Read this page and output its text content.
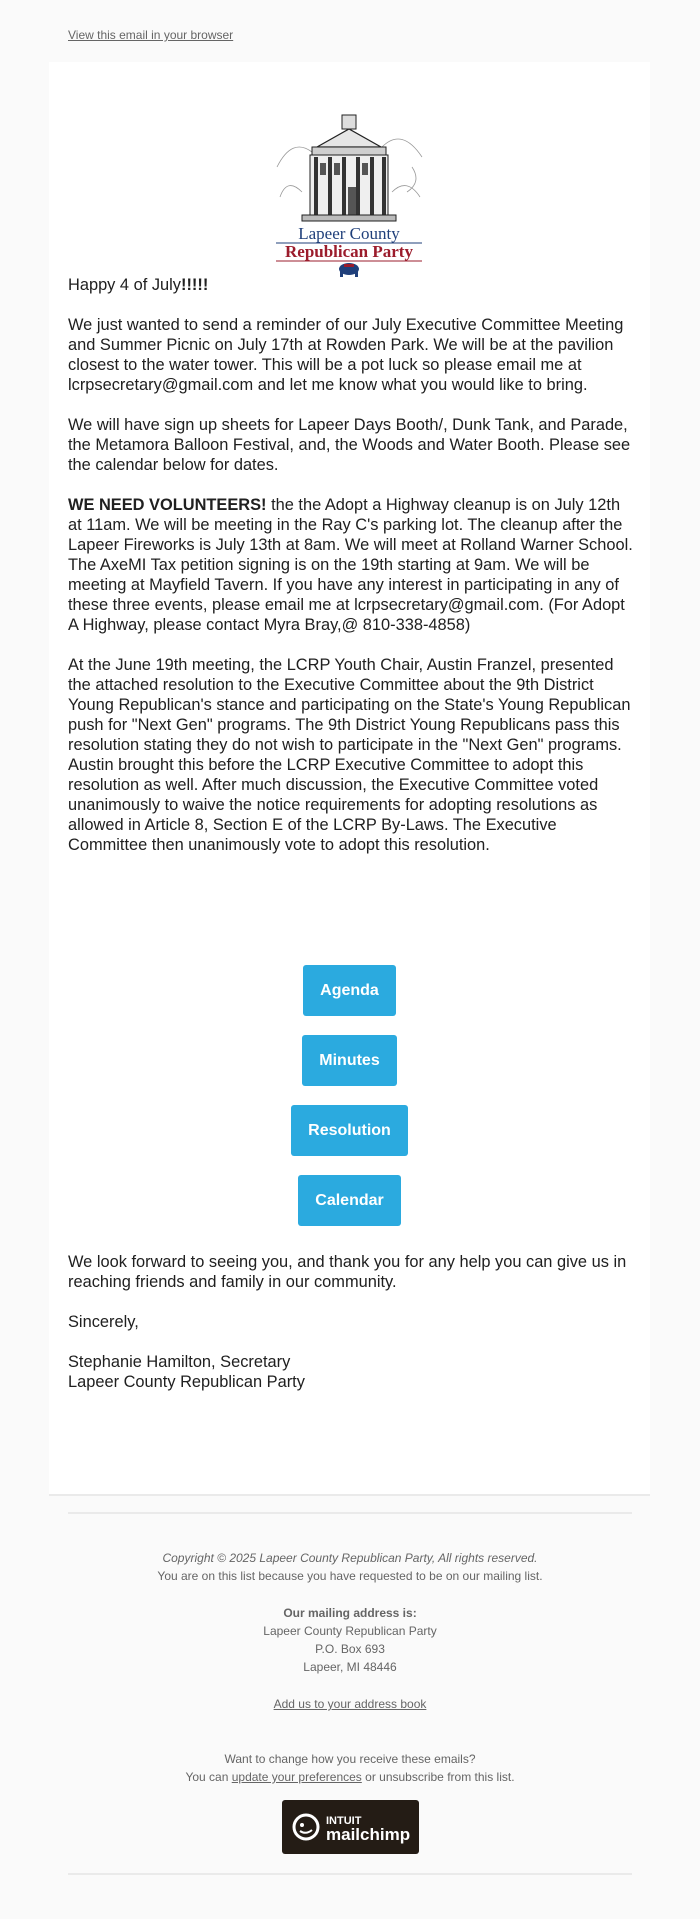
View this email in your browser
Lapeer County
Republican Party

Happy 4 of July!!!!!

We just wanted to send a reminder of our July Executive Committee Meeting and Summer Picnic on July 17th at Rowden Park. We will be at the pavilion closest to the water tower. This will be a pot luck so please email me at lcrpsecretary@gmail.com and let me know what you would like to bring.

We will have sign up sheets for Lapeer Days Booth/, Dunk Tank, and Parade, the Metamora Balloon Festival, and, the Woods and Water Booth. Please see the calendar below for dates.

WE NEED VOLUNTEERS! the the Adopt a Highway cleanup is on July 12th at 11am. We will be meeting in the Ray C's parking lot. The cleanup after the Lapeer Fireworks is July 13th at 8am. We will meet at Rolland Warner School. The AxeMI Tax petition signing is on the 19th starting at 9am. We will be meeting at Mayfield Tavern. If you have any interest in participating in any of these three events, please email me at lcrpsecretary@gmail.com. (For Adopt A Highway, please contact Myra Bray,@ 810-338-4858)

At the June 19th meeting, the LCRP Youth Chair, Austin Franzel, presented the attached resolution to the Executive Committee about the 9th District Young Republican's stance and participating on the State's Young Republican push for "Next Gen" programs. The 9th District Young Republicans pass this resolution stating they do not wish to participate in the "Next Gen" programs. Austin brought this before the LCRP Executive Committee to adopt this resolution as well. After much discussion, the Executive Committee voted unanimously to waive the notice requirements for adopting resolutions as allowed in Article 8, Section E of the LCRP By-Laws. The Executive Committee then unanimously vote to adopt this resolution.

Agenda
Minutes
Resolution
Calendar

We look forward to seeing you, and thank you for any help you can give us in reaching friends and family in our community.

Sincerely,

Stephanie Hamilton, Secretary

Lapeer County Republican Party

Copyright © 2025 Lapeer County Republican Party, All rights reserved.
You are on this list because you have requested to be on our mailing list.
Our mailing address is:
Lapeer County Republican Party
P.O. Box 693
Lapeer, MI 48446
Add us to your address book
Want to change how you receive these emails?
You can update your preferences or unsubscribe from this list.
INTUIT
mailchimp
